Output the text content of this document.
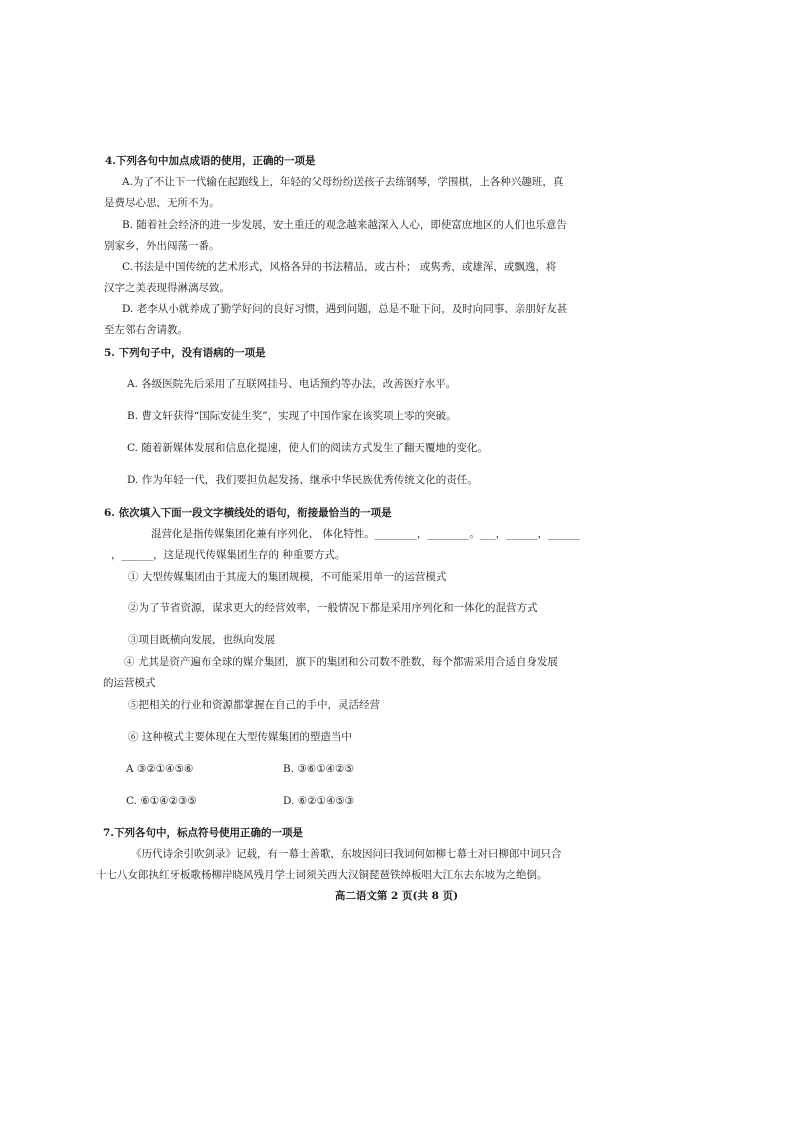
4.下列各句中加点成语的使用，正确的一项是
A.为了不让下一代输在起跑线上，年轻的父母纷纷送孩子去练钢琴，学围棋，上各种兴趣班，真
是费尽心思，无所不为。
B. 随着社会经济的进一步发展，安土重迁的观念越来越深入人心，即使富庶地区的人们也乐意告
别家乡，外出闯荡一番。
C.书法是中国传统的艺术形式，风格各异的书法精品，或古朴； 或隽秀，或雄浑，或飘逸，将
汉字之美表现得淋漓尽致。
D. 老李从小就养成了勤学好问的良好习惯，遇到问题，总是不耻下问，及时向同事、亲朋好友甚
至左邻右舍请教。
5. 下列句子中，没有语病的一项是
A. 各级医院先后采用了互联网挂号、电话预约等办法，改善医疗水平。
B. 曹文轩获得“国际安徒生奖”，实现了中国作家在该奖项上零的突破。
C. 随着新媒体发展和信息化提速，使人们的阅读方式发生了翻天覆地的变化。
D. 作为年轻一代，我们要担负起发扬、继承中华民族优秀传统文化的责任。
6. 依次填入下面一段文字横线处的语句，衔接最恰当的一项是
混营化是指传媒集团化兼有序列化、 体化特性。________，________。___，______，______
，______，这是现代传媒集团生存的 种重要方式。
① 大型传媒集团由于其庞大的集团规模，不可能采用单一的运营模式
②为了节省资源，谋求更大的经营效率，一般情况下都是采用序列化和一体化的混营方式
③项目既横向发展，也纵向发展
④ 尤其是资产遍布全球的媒介集团，旗下的集团和公司数不胜数，每个都需采用合适自身发展
的运营模式
⑤把相关的行业和资源都掌握在自己的手中，灵活经营
⑥ 这种模式主要体现在大型传媒集团的塑造当中
A ③②①④⑤⑥	B. ③⑥①④②⑤
C. ⑥①④②③⑤	D. ⑥②①④⑤③
7.下列各句中，标点符号使用正确的一项是
《历代诗余引吹剑录》记载，有一幕士善歌，东坡因问曰我词何如柳七幕士对曰柳郎中词只合
十七八女郎执红牙板歌杨柳岸晓风残月学士词须关西大汉铜琵琶铁绰板唱大江东去东坡为之绝倒。
高二语文第 2 页(共 8 页)
